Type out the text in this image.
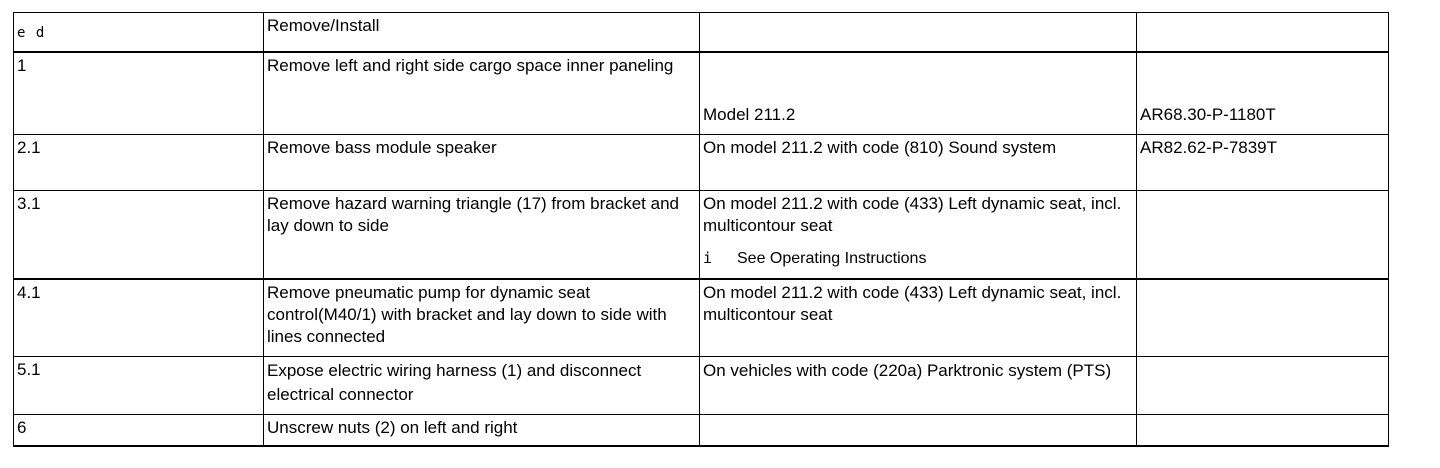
e d	Remove/Install		
1	Remove left and right side cargo space inner paneling	Model 211.2	AR68.30-P-1180T
2.1	Remove bass module speaker	On model 211.2 with code (810) Sound system	AR82.62-P-7839T
3.1	Remove hazard warning triangle (17) from bracket and lay down to side	On model 211.2 with code (433) Left dynamic seat, incl. multicontour seat
i See Operating Instructions	

4.1	Remove pneumatic pump for dynamic seat control(M40/1) with bracket and lay down to side with lines connected	On model 211.2 with code (433) Left dynamic seat, incl. multicontour seat	
5.1	Expose electric wiring harness (1) and disconnect electrical connector	On vehicles with code (220a) Parktronic system (PTS)	
6	Unscrew nuts (2) on left and right		
